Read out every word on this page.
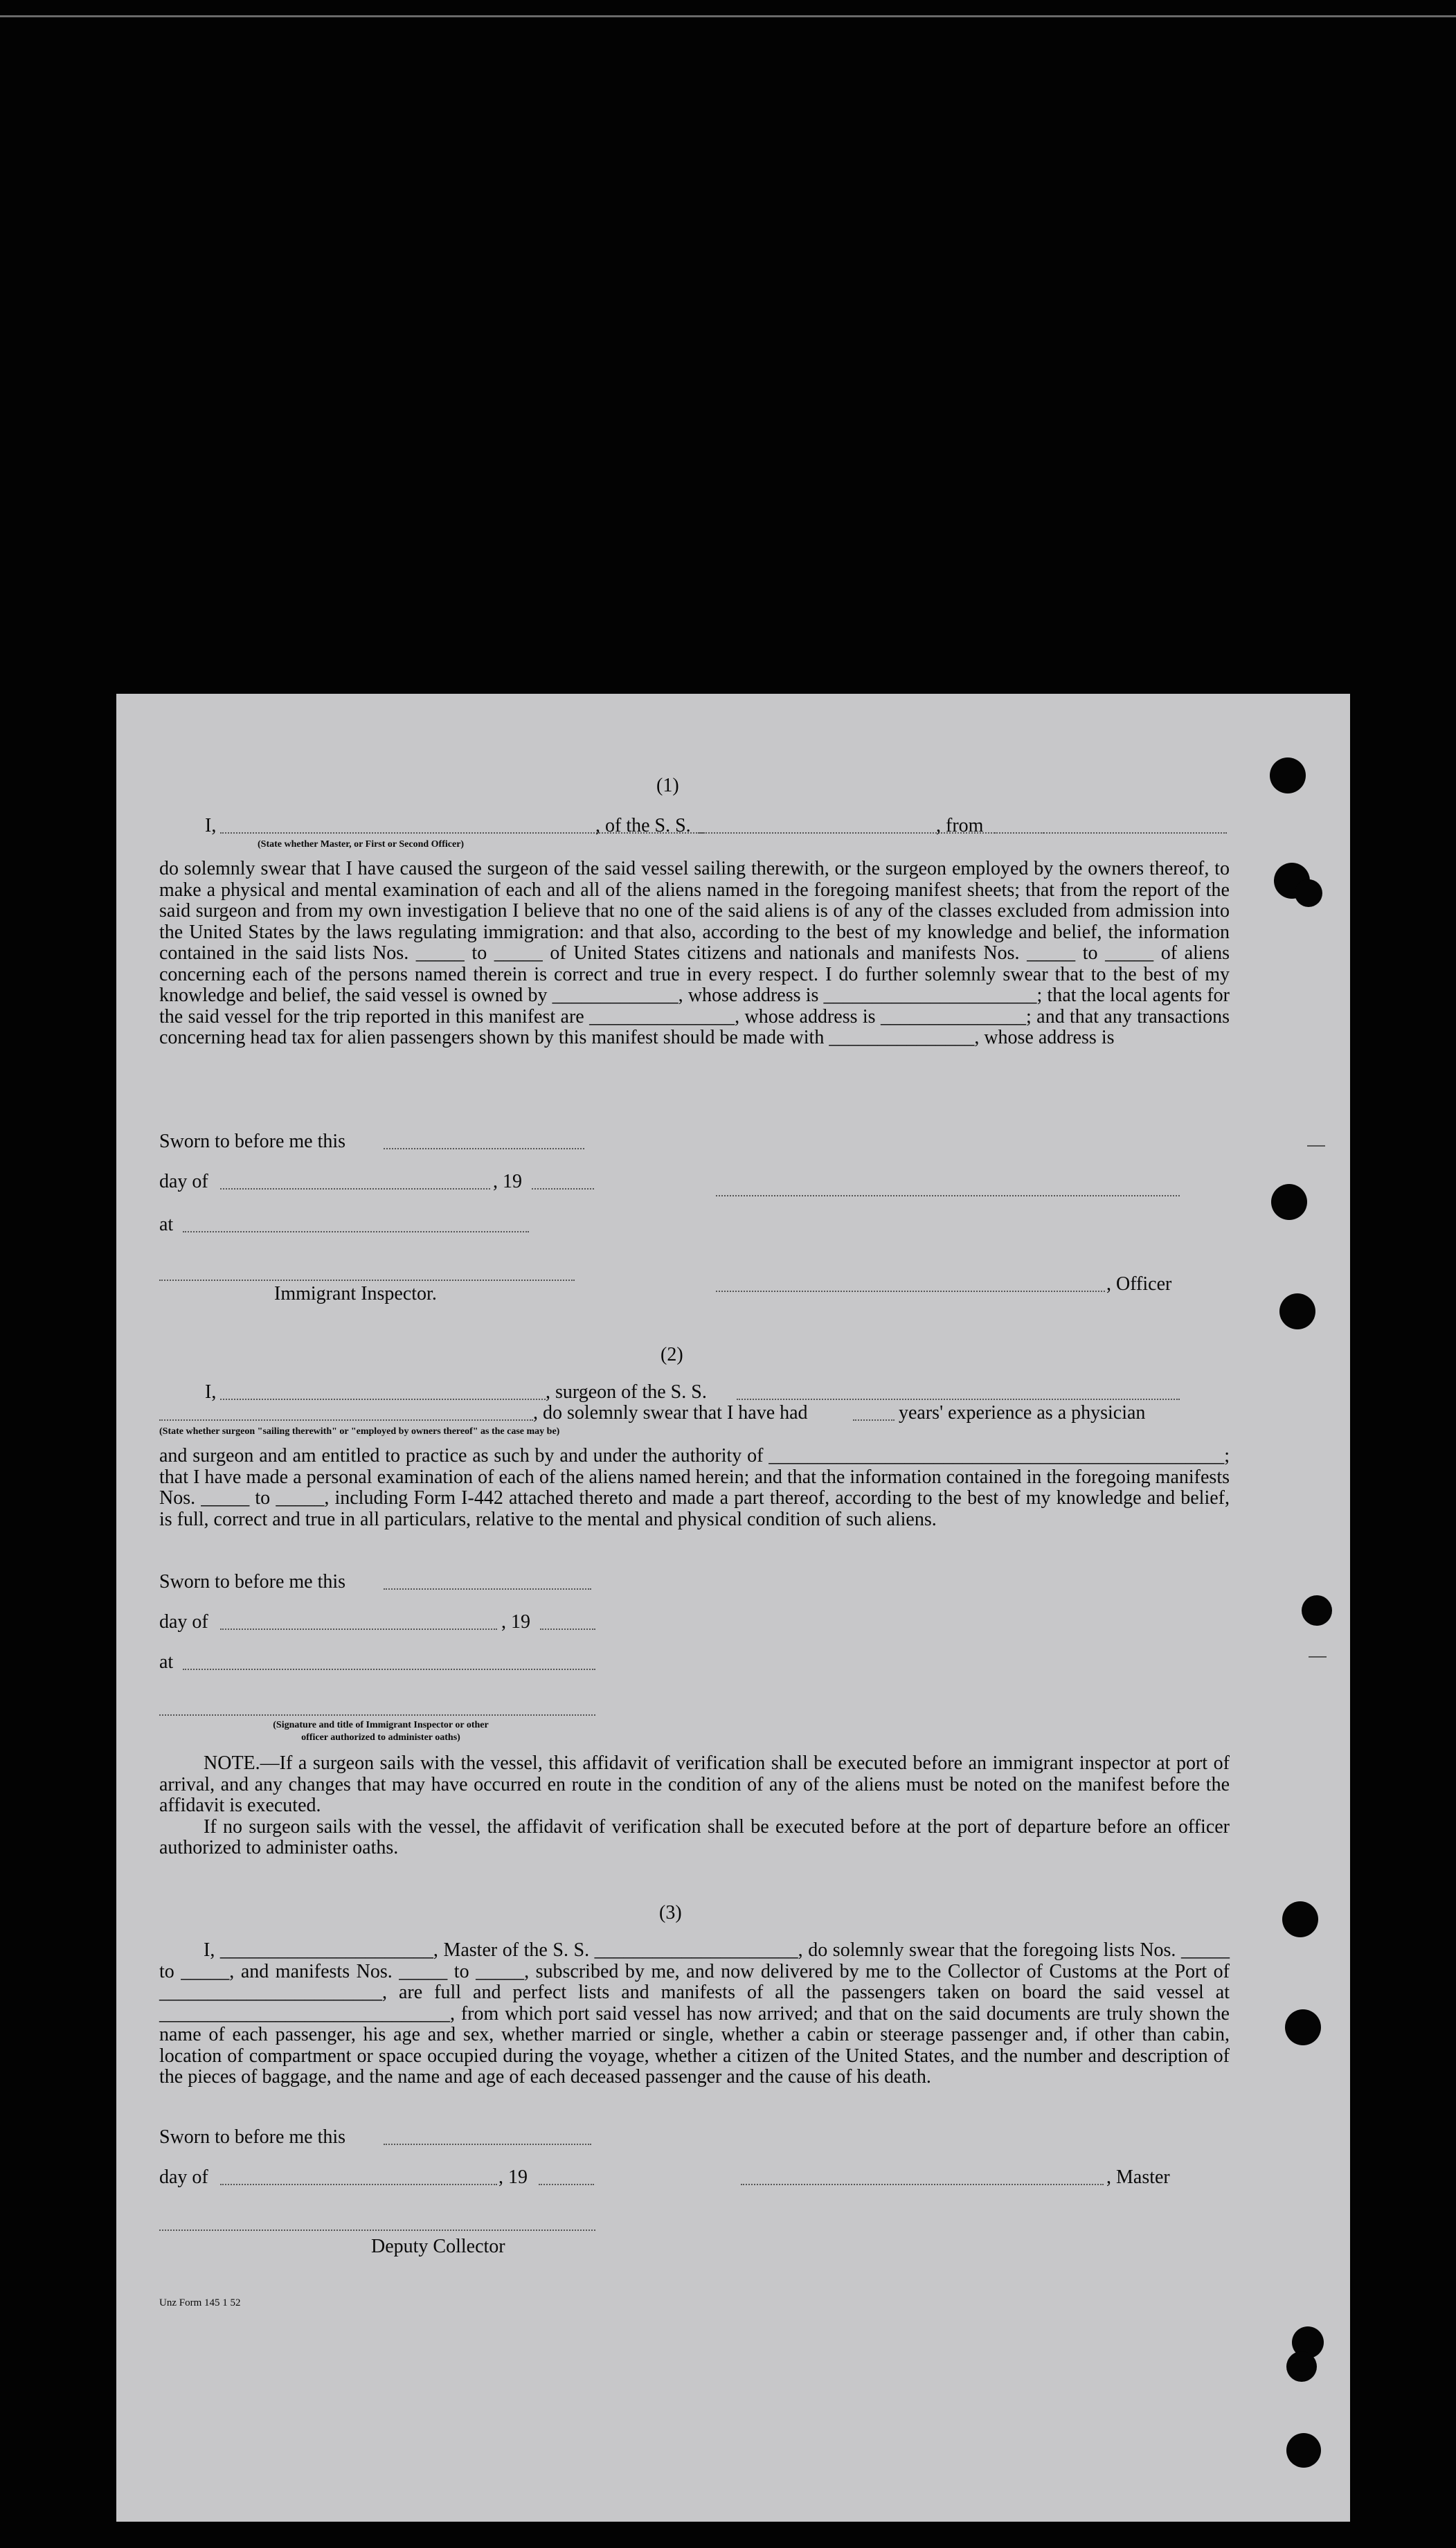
(1)
I,	, of the S. S.	, from
(State whether Master, or First or Second Officer)

do solemnly swear that I have caused the surgeon of the said vessel sailing therewith, or the surgeon employed by the owners thereof, to make a physical and mental examination of each and all of the aliens named in the foregoing manifest sheets; that from the report of the said surgeon and from my own investigation I believe that no one of the said aliens is of any of the classes excluded from admission into the United States by the laws regulating immigration: and that also, according to the best of my knowledge and belief, the information contained in the said lists Nos. _____ to _____ of United States citizens and nationals and manifests Nos. _____ to _____ of aliens concerning each of the persons named therein is correct and true in every respect. I do further solemnly swear that to the best of my knowledge and belief, the said vessel is owned by _____________, whose address is ______________________; that the local agents for the said vessel for the trip reported in this manifest are _______________, whose address is _______________; and that any transactions concerning head tax for alien passengers shown by this manifest should be made with _______________, whose address is

Sworn to before me this
day of	, 19
at
, Officer
Immigrant Inspector.
(2)
I,	, surgeon of the S. S.
, do solemnly swear that I have had	years' experience as a physician
(State whether surgeon "sailing therewith" or "employed by owners thereof" as the case may be)

and surgeon and am entitled to practice as such by and under the authority of _______________________________________________; that I have made a personal examination of each of the aliens named herein; and that the information contained in the foregoing manifests Nos. _____ to _____, including Form I-442 attached thereto and made a part thereof, according to the best of my knowledge and belief, is full, correct and true in all particulars, relative to the mental and physical condition of such aliens.

Sworn to before me this
day of	, 19
at
(Signature and title of Immigrant Inspector or other
officer authorized to administer oaths)

NOTE.—If a surgeon sails with the vessel, this affidavit of verification shall be executed before an immigrant inspector at port of arrival, and any changes that may have occurred en route in the condition of any of the aliens must be noted on the manifest before the affidavit is executed.

If no surgeon sails with the vessel, the affidavit of verification shall be executed before at the port of departure before an officer authorized to administer oaths.

(3)

I, ______________________, Master of the S. S. _____________________, do solemnly swear that the foregoing lists Nos. _____ to _____, and manifests Nos. _____ to _____, subscribed by me, and now delivered by me to the Collector of Customs at the Port of _______________________, are full and perfect lists and manifests of all the passengers taken on board the said vessel at ______________________________, from which port said vessel has now arrived; and that on the said documents are truly shown the name of each passenger, his age and sex, whether married or single, whether a cabin or steerage passenger and, if other than cabin, location of compartment or space occupied during the voyage, whether a citizen of the United States, and the number and description of the pieces of baggage, and the name and age of each deceased passenger and the cause of his death.

Sworn to before me this
day of	, 19	, Master
Deputy Collector
Unz Form 145 1 52
